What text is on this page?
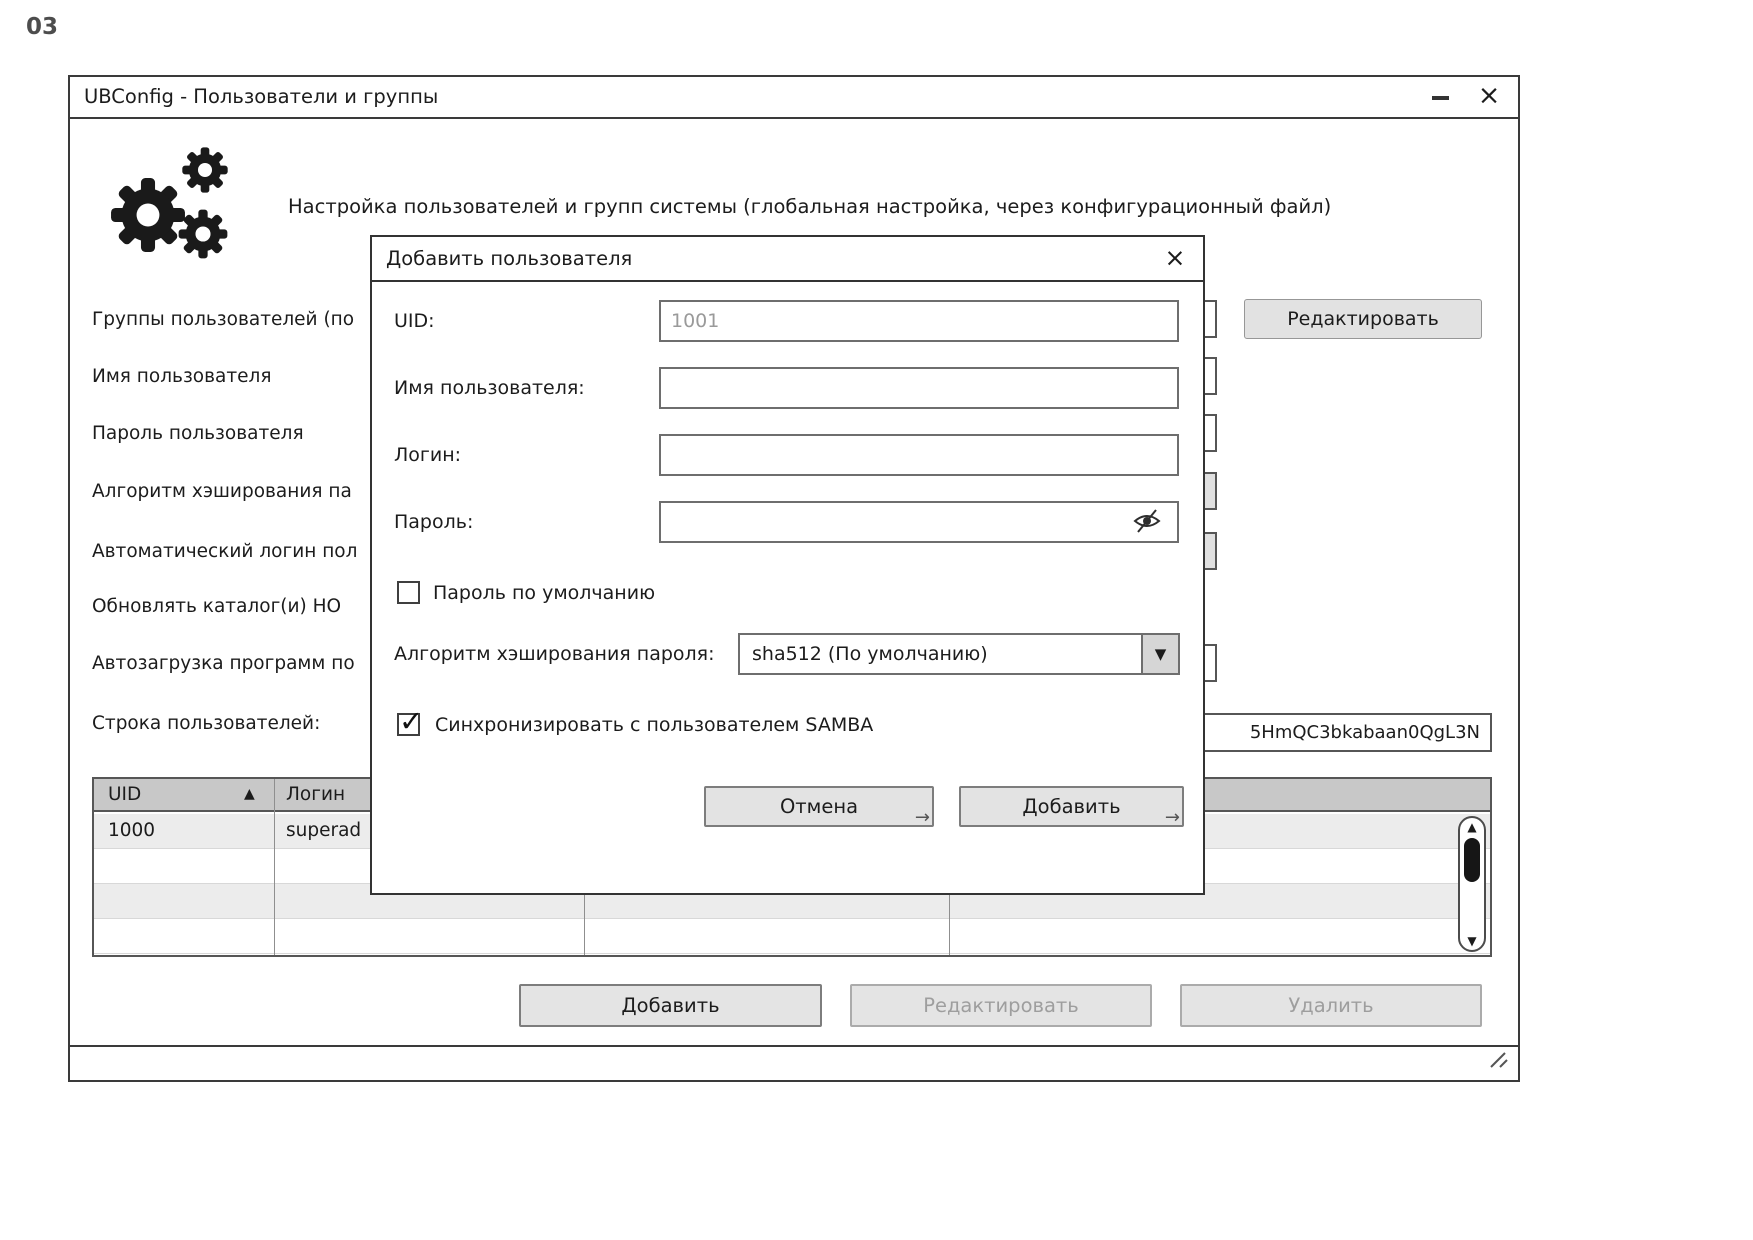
03
UBConfig - Пользователи и группы	×
Настройка пользователей и групп системы (глобальная настройка, через конфигурационный файл)
Группы пользователей (по
Имя пользователя
Пароль пользователя
Алгоритм хэширования па
Автоматический логин пол
Обновлять каталог(и) HO
Автозагрузка программ по
Строка пользователей:	5HmQC3bkabaan0QgL3N
Редактировать
UID	▲ Логин
1000	superad	▲
▼
Добавить	Редактировать	Удалить
Добавить пользователя	×
UID:
1001
Имя пользователя:
Логин:
Пароль:
Пароль по умолчанию
Алгоритм хэширования пароля: sha512 (По умолчанию)	▼
✓ Синхронизировать с пользователем SAMBA
Отмена	→	Добавить →
